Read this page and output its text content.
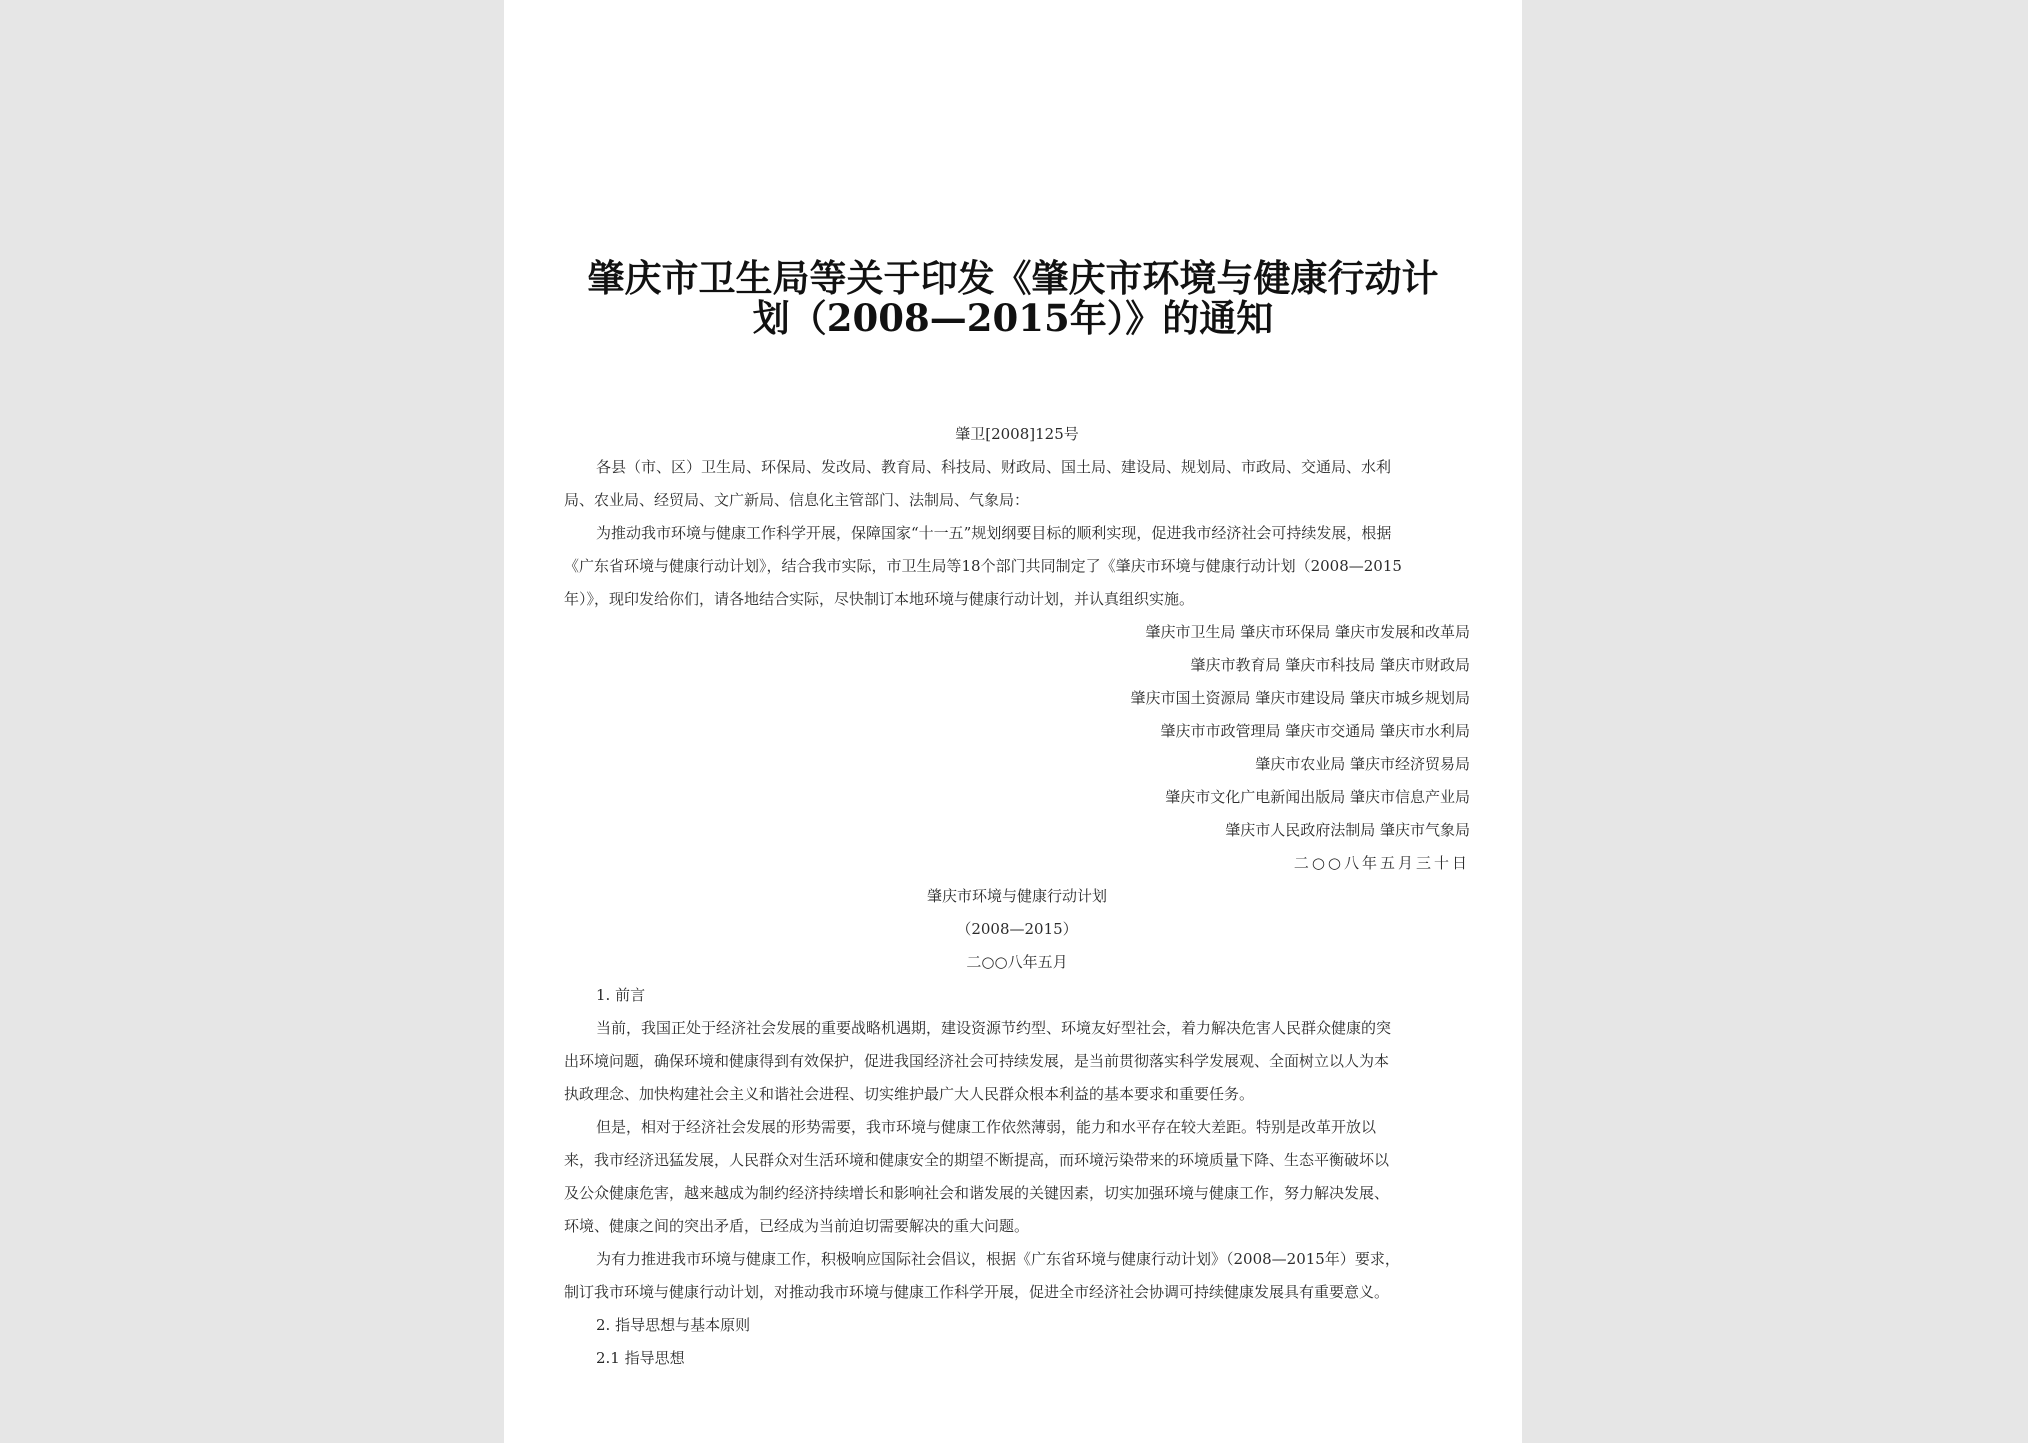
肇庆市卫生局等关于印发《肇庆市环境与健康行动计
划（2008—2015年）》的通知

肇卫[2008]125号

各县（市、区）卫生局、环保局、发改局、教育局、科技局、财政局、国土局、建设局、规划局、市政局、交通局、水利

局、农业局、经贸局、文广新局、信息化主管部门、法制局、气象局：

为推动我市环境与健康工作科学开展，保障国家“十一五”规划纲要目标的顺利实现，促进我市经济社会可持续发展，根据

《广东省环境与健康行动计划》，结合我市实际，市卫生局等18个部门共同制定了《肇庆市环境与健康行动计划（2008—2015

年）》，现印发给你们，请各地结合实际，尽快制订本地环境与健康行动计划，并认真组织实施。

肇庆市卫生局 肇庆市环保局 肇庆市发展和改革局

肇庆市教育局 肇庆市科技局 肇庆市财政局

肇庆市国土资源局 肇庆市建设局 肇庆市城乡规划局

肇庆市市政管理局 肇庆市交通局 肇庆市水利局

肇庆市农业局 肇庆市经济贸易局

肇庆市文化广电新闻出版局 肇庆市信息产业局

肇庆市人民政府法制局 肇庆市气象局

二○○八年五月三十日

肇庆市环境与健康行动计划

（2008—2015）

二○○八年五月

1. 前言

当前，我国正处于经济社会发展的重要战略机遇期，建设资源节约型、环境友好型社会，着力解决危害人民群众健康的突

出环境问题，确保环境和健康得到有效保护，促进我国经济社会可持续发展，是当前贯彻落实科学发展观、全面树立以人为本

执政理念、加快构建社会主义和谐社会进程、切实维护最广大人民群众根本利益的基本要求和重要任务。

但是，相对于经济社会发展的形势需要，我市环境与健康工作依然薄弱，能力和水平存在较大差距。特别是改革开放以

来，我市经济迅猛发展，人民群众对生活环境和健康安全的期望不断提高，而环境污染带来的环境质量下降、生态平衡破坏以

及公众健康危害，越来越成为制约经济持续增长和影响社会和谐发展的关键因素，切实加强环境与健康工作，努力解决发展、

环境、健康之间的突出矛盾，已经成为当前迫切需要解决的重大问题。

为有力推进我市环境与健康工作，积极响应国际社会倡议，根据《广东省环境与健康行动计划》（2008—2015年）要求，

制订我市环境与健康行动计划，对推动我市环境与健康工作科学开展，促进全市经济社会协调可持续健康发展具有重要意义。

2. 指导思想与基本原则

2.1 指导思想
